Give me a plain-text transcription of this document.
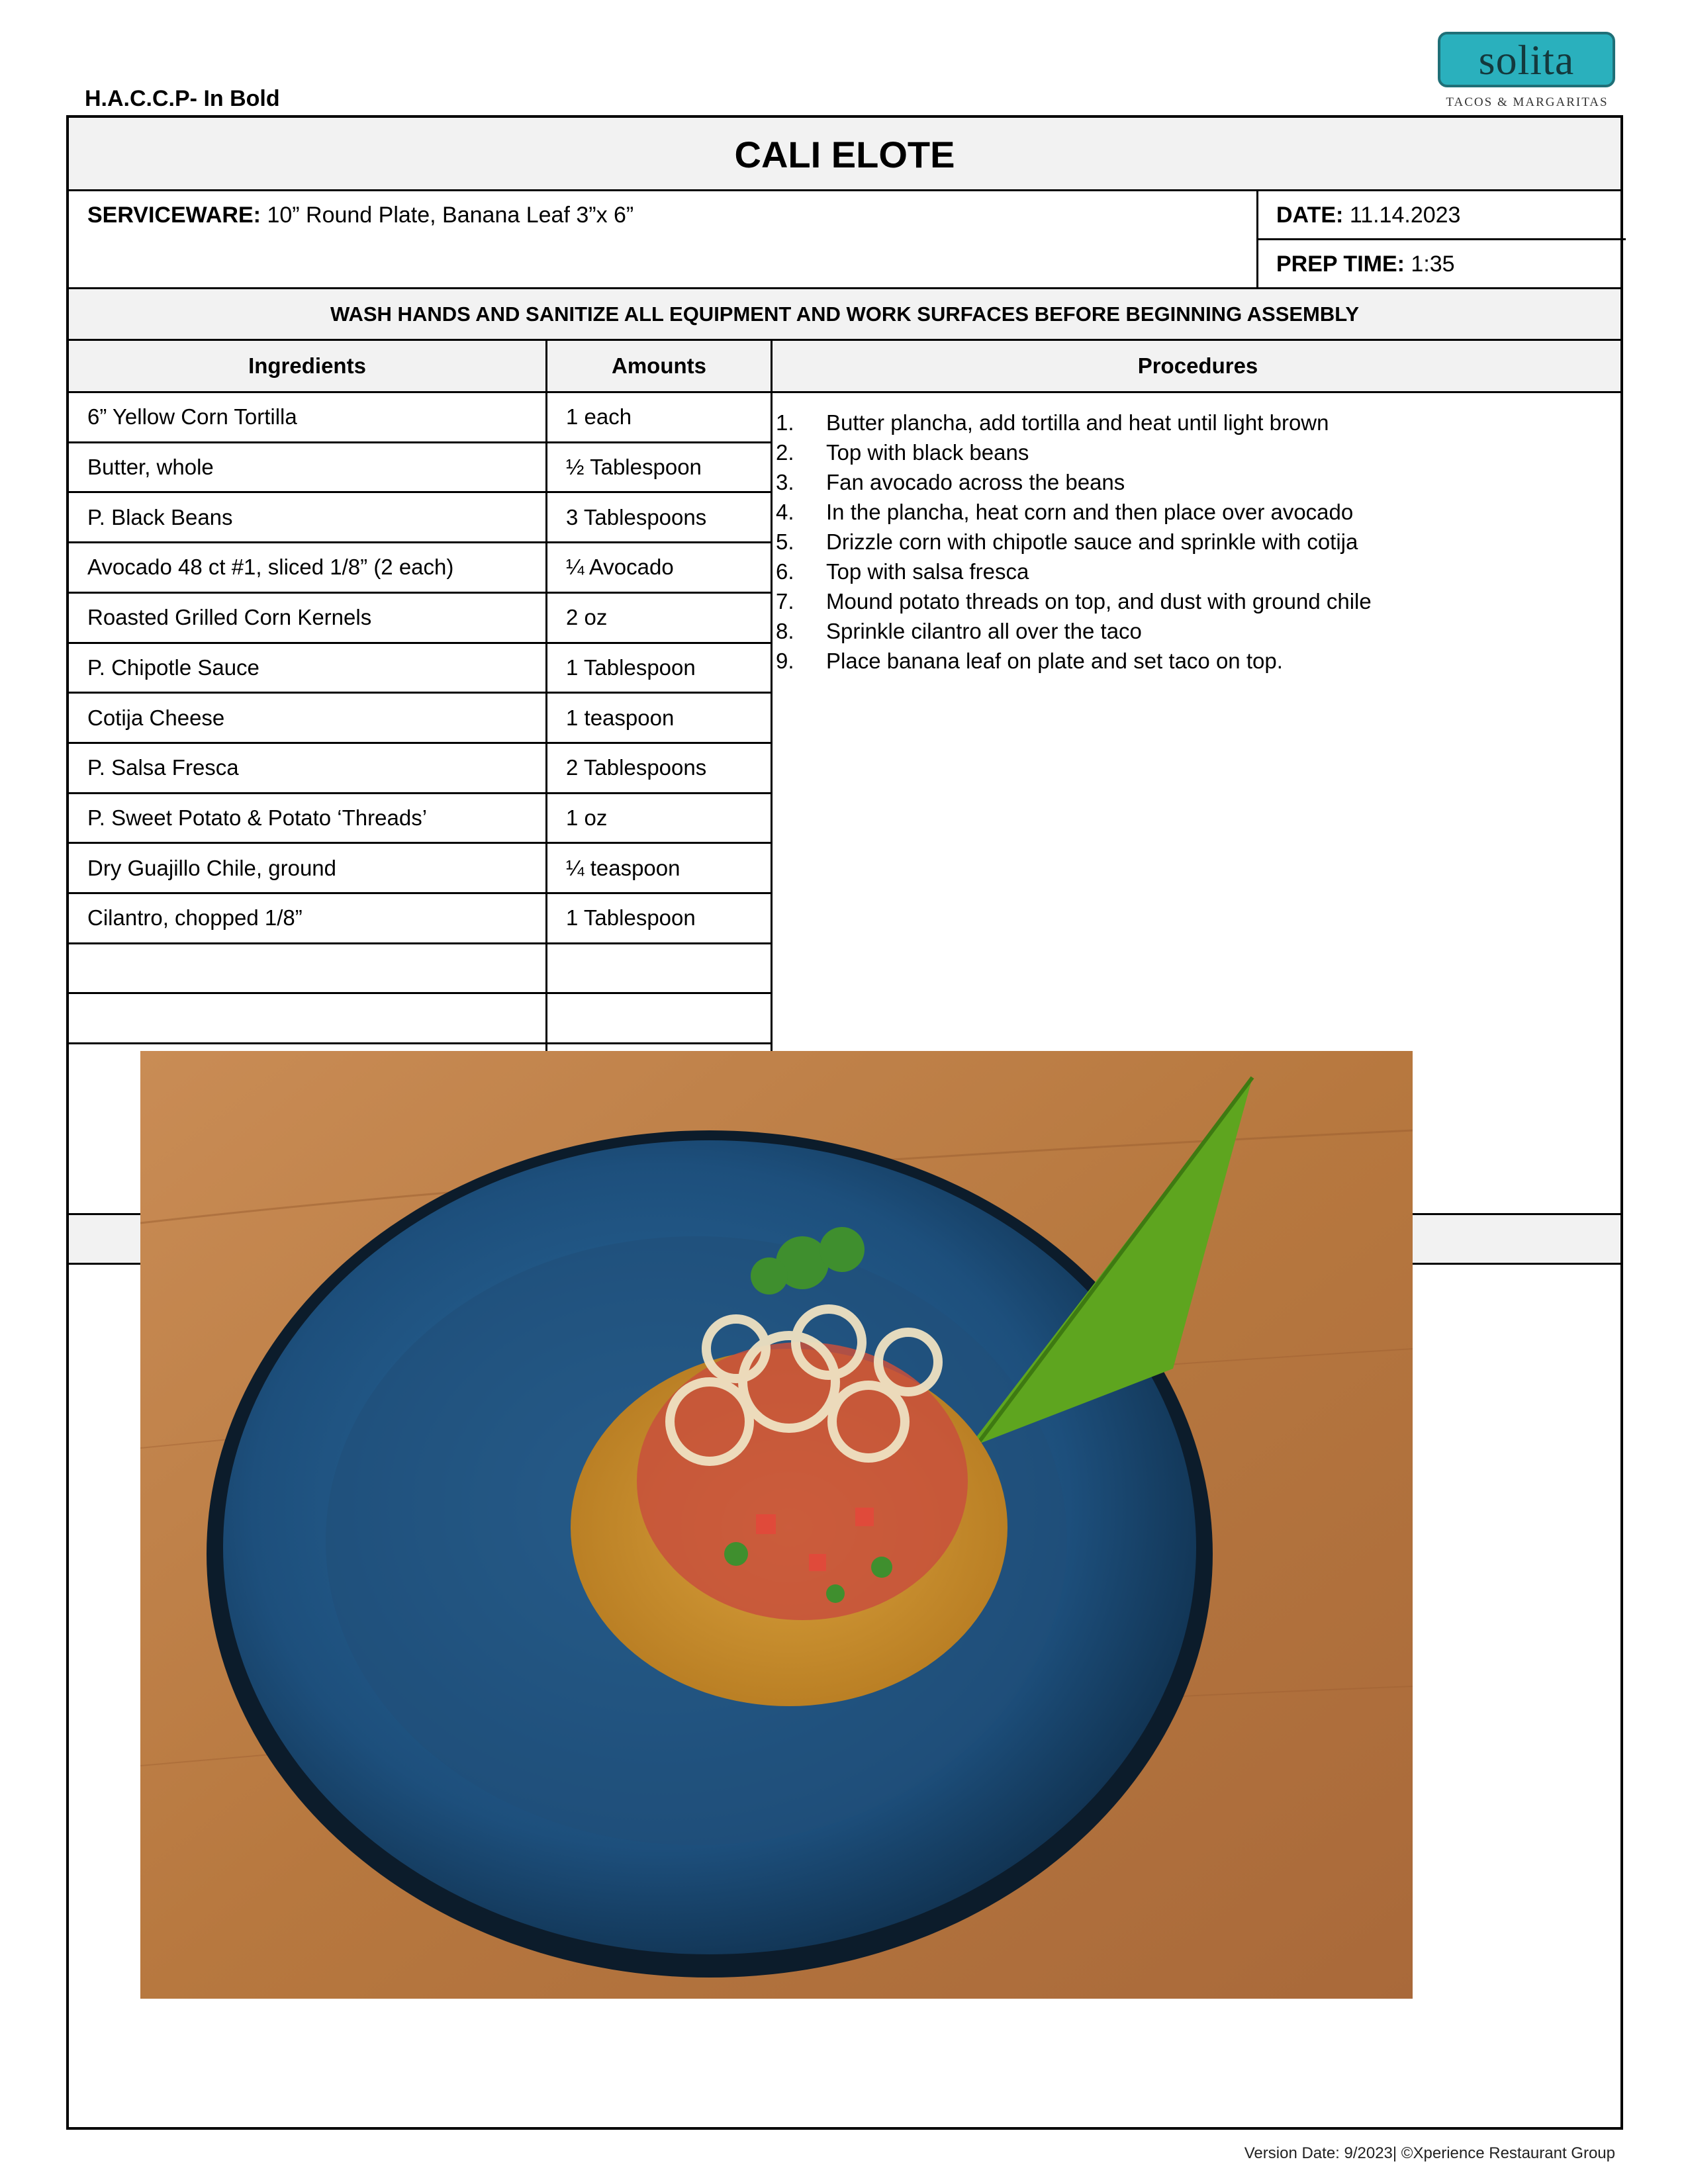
H.A.C.C.P- In Bold
solita
TACOS & MARGARITAS
CALI ELOTE
SERVICEWARE: 10” Round Plate, Banana Leaf 3”x 6”	DATE: 11.14.2023
PREP TIME: 1:35
WASH HANDS AND SANITIZE ALL EQUIPMENT AND WORK SURFACES BEFORE BEGINNING ASSEMBLY
Ingredients	Amounts	Procedures
6” Yellow Corn Tortilla	1 each
Butter, whole	½ Tablespoon
P. Black Beans	3 Tablespoons
Avocado 48 ct #1, sliced 1/8” (2 each)	¼ Avocado
Roasted Grilled Corn Kernels	2 oz
P. Chipotle Sauce	1 Tablespoon
Cotija Cheese	1 teaspoon
P. Salsa Fresca	2 Tablespoons
P. Sweet Potato & Potato ‘Threads’	1 oz
Dry Guajillo Chile, ground	¼ teaspoon
Cilantro, chopped 1/8”	1 Tablespoon
1.	Butter plancha, add tortilla and heat until light brown
2.	Top with black beans
3.	Fan avocado across the beans
4.	In the plancha, heat corn and then place over avocado
5.	Drizzle corn with chipotle sauce and sprinkle with cotija
6.	Top with salsa fresca
7.	Mound potato threads on top, and dust with ground chile
8.	Sprinkle cilantro all over the taco
9.	Place banana leaf on plate and set taco on top.
Version Date: 9/2023| ©Xperience Restaurant Group
